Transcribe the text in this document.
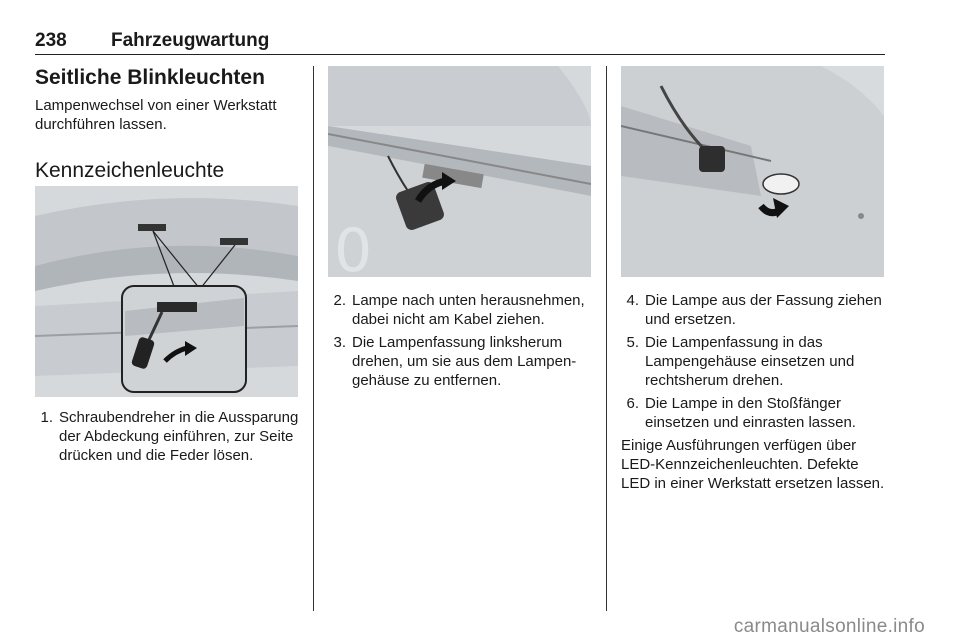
238 Fahrzeugwartung
Seitliche Blinkleuchten

Lampenwechsel von einer Werkstatt durchführen lassen.

Kennzeichenleuchte
1. Schraubendreher in die Aussparung der Abdeckung einführen, zur Seite drücken und die Feder lösen.
0
2. Lampe nach unten herausnehmen, dabei nicht am Kabel ziehen.
3. Die Lampenfassung linksherum drehen, um sie aus dem Lampengehäuse zu entfernen.
4. Die Lampe aus der Fassung ziehen und ersetzen.
5. Die Lampenfassung in das Lampengehäuse einsetzen und rechtsherum drehen.
6. Die Lampe in den Stoßfänger einsetzen und einrasten lassen.

Einige Ausführungen verfügen über LED-Kennzeichenleuchten. Defekte LED in einer Werkstatt ersetzen lassen.

carmanualsonline.info
